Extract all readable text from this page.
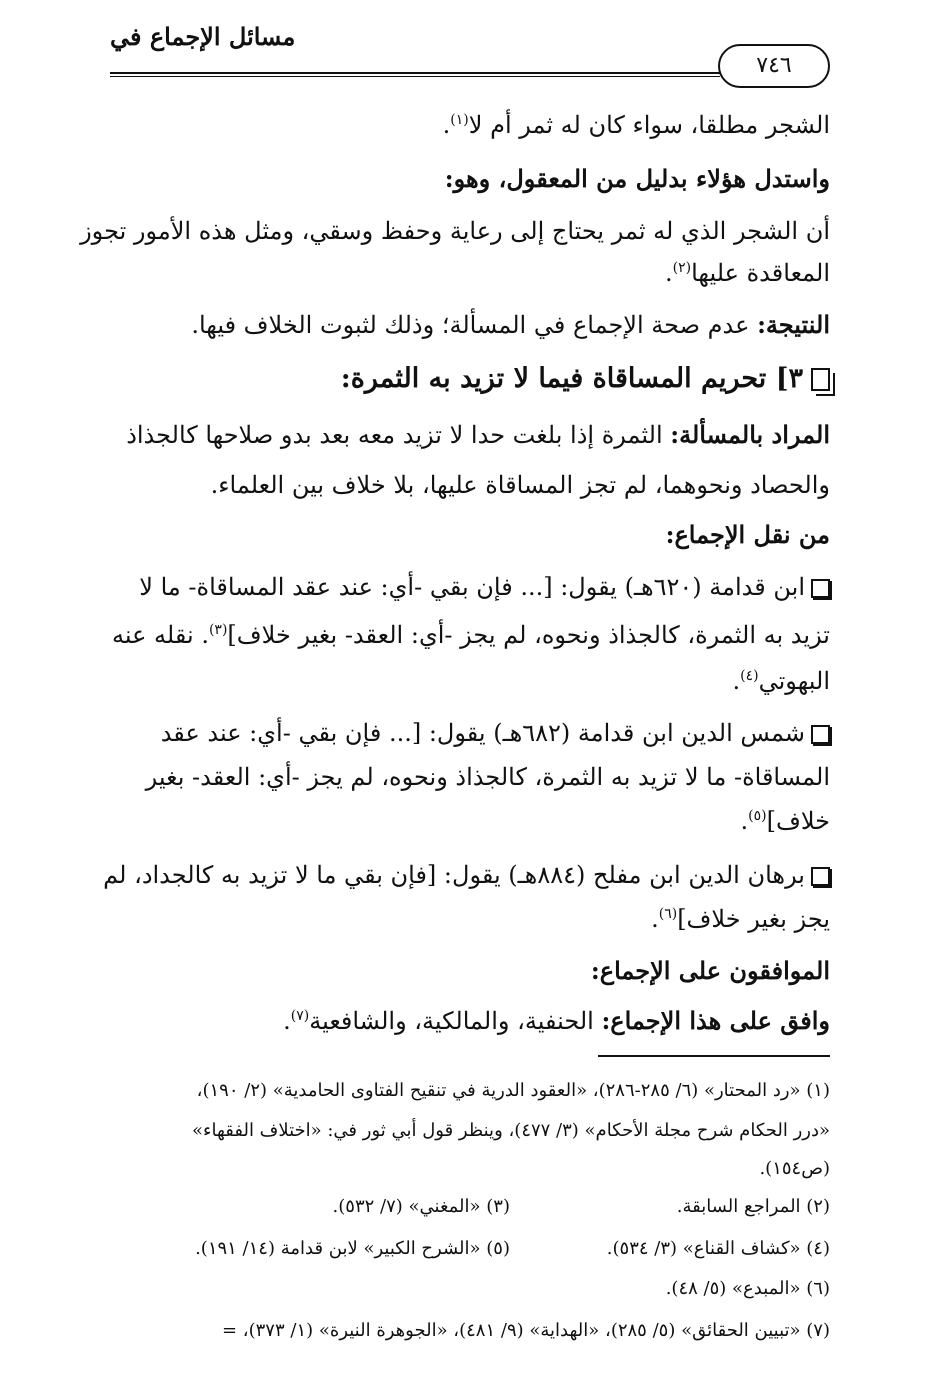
مسائل الإجماع في
٧٤٦
الشجر مطلقا، سواء كان له ثمر أم لا$^{(١)}$.
واستدل هؤلاء بدليل من المعقول، وهو:
أن الشجر الذي له ثمر يحتاج إلى رعاية وحفظ وسقي، ومثل هذه الأمور تجوز
المعاقدة عليها$^{(٢)}$.
النتيجة: عدم صحة الإجماع في المسألة؛ وذلك لثبوت الخلاف فيها.
٣] تحريم المساقاة فيما لا تزيد به الثمرة:
المراد بالمسألة: الثمرة إذا بلغت حدا لا تزيد معه بعد بدو صلاحها كالجذاذ
والحصاد ونحوهما، لم تجز المساقاة عليها، بلا خلاف بين العلماء.
من نقل الإجماع:
ابن قدامة (٦٢٠هـ) يقول: [... فإن بقي -أي: عند عقد المساقاة- ما لا
تزيد به الثمرة، كالجذاذ ونحوه، لم يجز -أي: العقد- بغير خلاف]$^{(٣)}$. نقله عنه
البهوتي$^{(٤)}$.
شمس الدين ابن قدامة (٦٨٢هـ) يقول: [... فإن بقي -أي: عند عقد
المساقاة- ما لا تزيد به الثمرة، كالجذاذ ونحوه، لم يجز -أي: العقد- بغير
خلاف]$^{(٥)}$.
برهان الدين ابن مفلح (٨٨٤هـ) يقول: [فإن بقي ما لا تزيد به كالجداد، لم
يجز بغير خلاف]$^{(٦)}$.
الموافقون على الإجماع:
وافق على هذا الإجماع: الحنفية، والمالكية، والشافعية$^{(٧)}$.
(١) «رد المحتار» (٦/ ٢٨٥-٢٨٦)، «العقود الدرية في تنقيح الفتاوى الحامدية» (٢/ ١٩٠)،
«درر الحكام شرح مجلة الأحكام» (٣/ ٤٧٧)، وينظر قول أبي ثور في: «اختلاف الفقهاء»
(ص١٥٤).
(٢) المراجع السابقة.
(٣) «المغني» (٧/ ٥٣٢).
(٤) «كشاف القناع» (٣/ ٥٣٤).
(٥) «الشرح الكبير» لابن قدامة (١٤/ ١٩١).
(٦) «المبدع» (٥/ ٤٨).
(٧) «تبيين الحقائق» (٥/ ٢٨٥)، «الهداية» (٩/ ٤٨١)، «الجوهرة النيرة» (١/ ٣٧٣)، =
